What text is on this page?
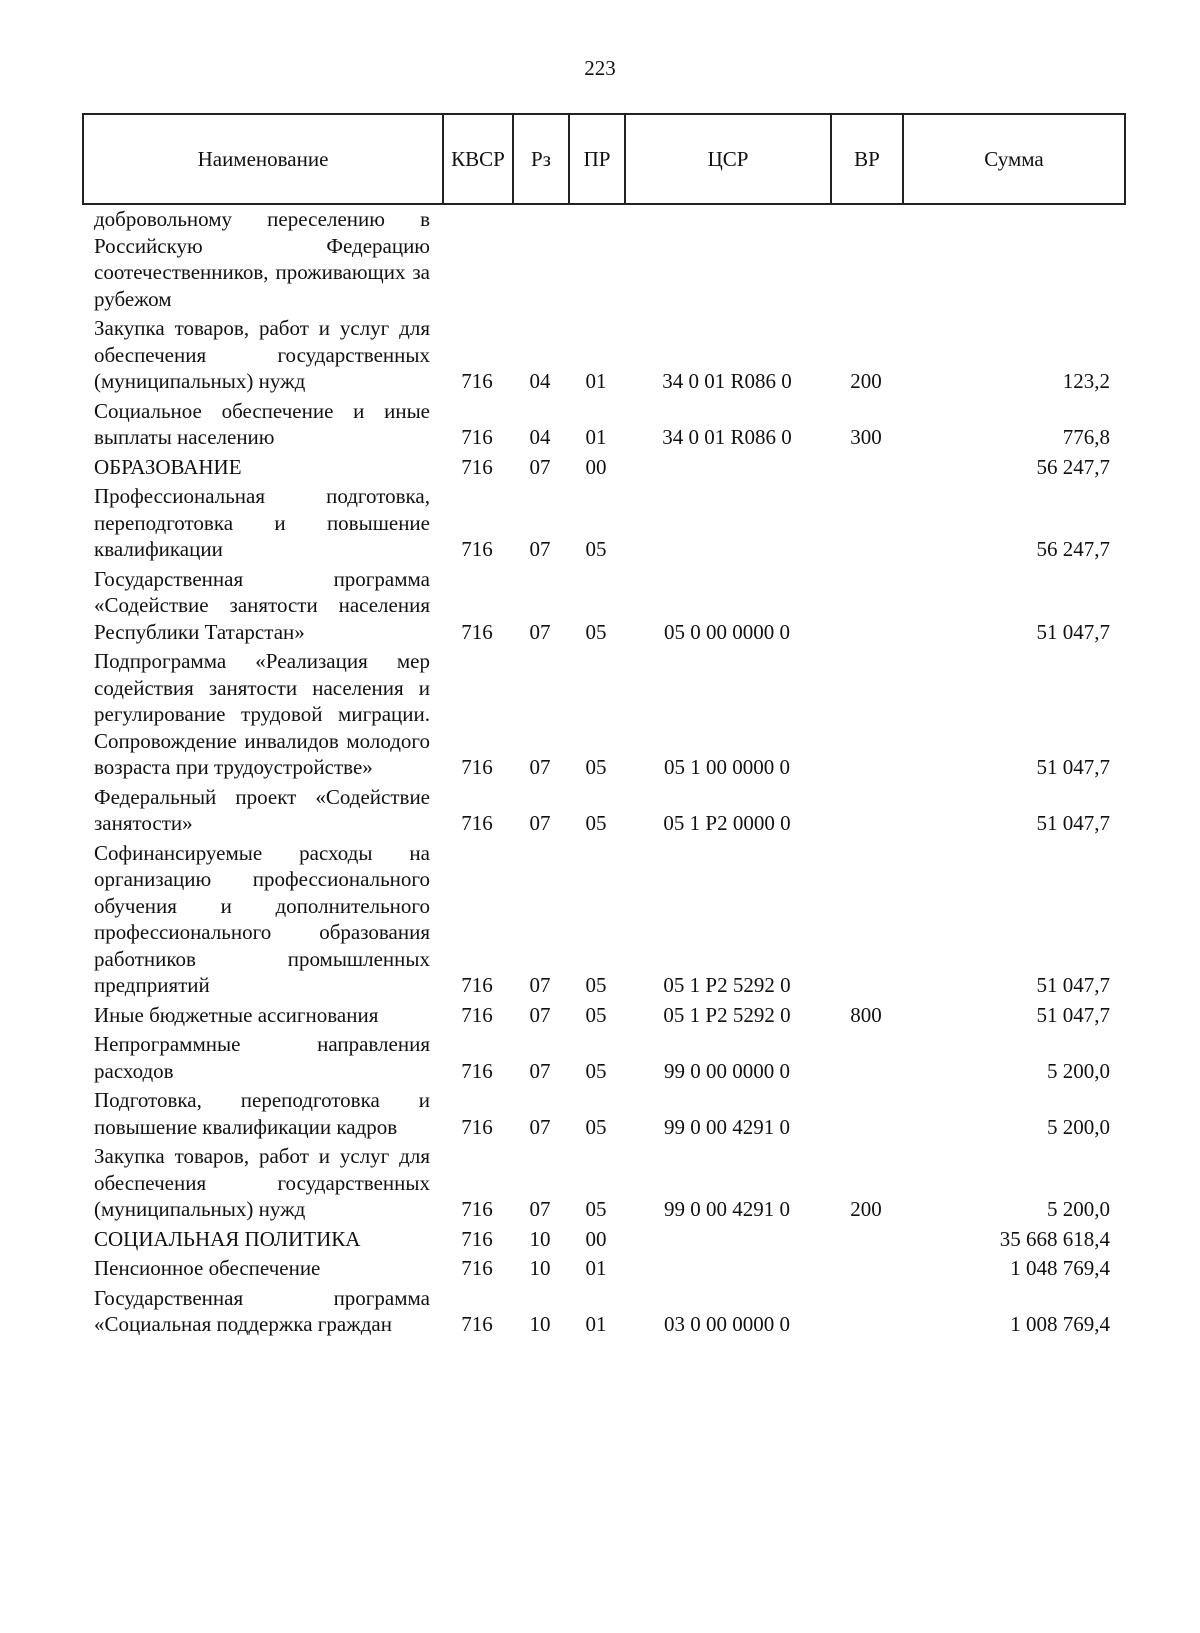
223
Наименование	КВСР	Рз	ПР	ЦСР	ВР	Сумма
добровольному переселению в Российскую Федерацию соотечественников, проживающих за рубежом						
Закупка товаров, работ и услуг для обеспечения государственных (муниципальных) нужд	716	04	01	34 0 01 R086 0	200	123,2
Социальное обеспечение и иные выплаты населению	716	04	01	34 0 01 R086 0	300	776,8
ОБРАЗОВАНИЕ	716	07	00			56 247,7
Профессиональная подготовка, переподготовка и повышение квалификации	716	07	05			56 247,7
Государственная программа «Содействие занятости населения Республики Татарстан»	716	07	05	05 0 00 0000 0		51 047,7
Подпрограмма «Реализация мер содействия занятости населения и регулирование трудовой миграции. Сопровождение инвалидов молодого возраста при трудоустройстве»	716	07	05	05 1 00 0000 0		51 047,7
Федеральный проект «Содействие занятости»	716	07	05	05 1 P2 0000 0		51 047,7
Софинансируемые расходы на организацию профессионального обучения и дополнительного профессионального образования работников промышленных предприятий	716	07	05	05 1 P2 5292 0		51 047,7
Иные бюджетные ассигнования	716	07	05	05 1 P2 5292 0	800	51 047,7
Непрограммные направления расходов	716	07	05	99 0 00 0000 0		5 200,0
Подготовка, переподготовка и повышение квалификации кадров	716	07	05	99 0 00 4291 0		5 200,0
Закупка товаров, работ и услуг для обеспечения государственных (муниципальных) нужд	716	07	05	99 0 00 4291 0	200	5 200,0
СОЦИАЛЬНАЯ ПОЛИТИКА	716	10	00			35 668 618,4
Пенсионное обеспечение	716	10	01			1 048 769,4
Государственная программа «Социальная поддержка граждан	716	10	01	03 0 00 0000 0		1 008 769,4
